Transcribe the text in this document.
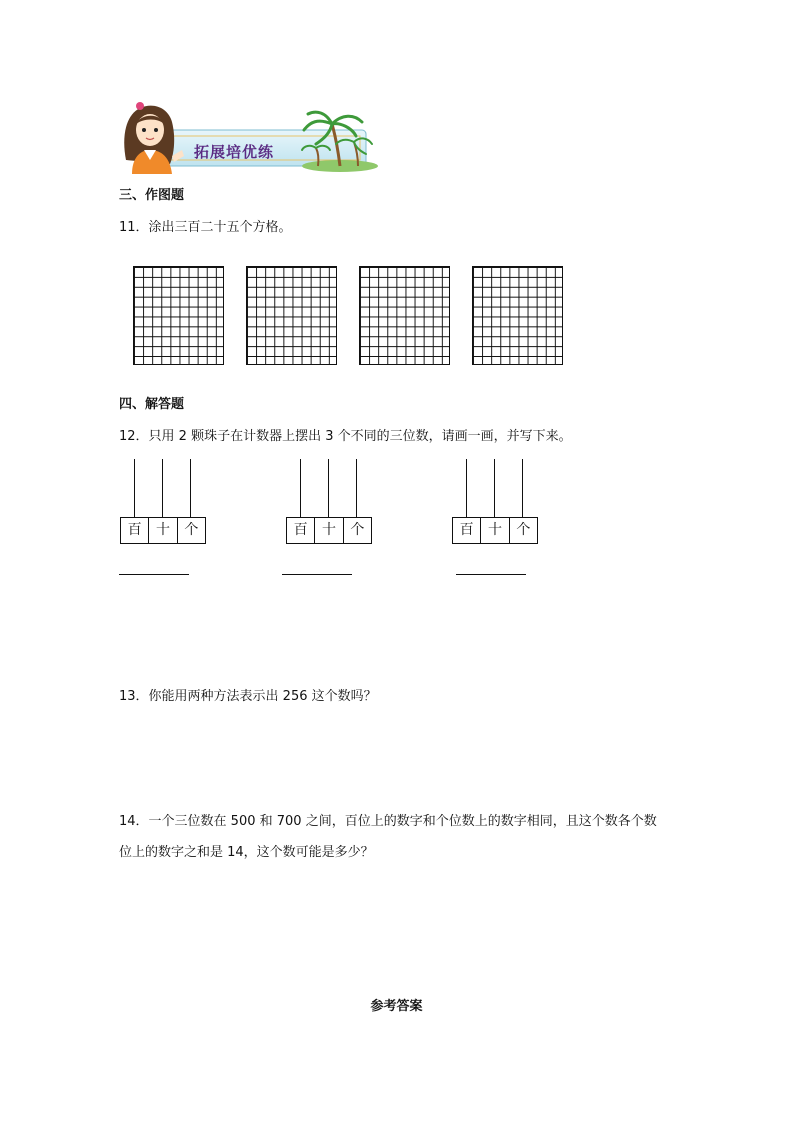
拓展培优练
三、作图题
11．涂出三百二十五个方格。
四、解答题
12．只用 2 颗珠子在计数器上摆出 3 个不同的三位数，请画一画，并写下来。
百	十	个	百	十	个	百	十	个
13．你能用两种方法表示出 256 这个数吗？
14．一个三位数在 500 和 700 之间，百位上的数字和个位数上的数字相同，且这个数各个数
位上的数字之和是 14，这个数可能是多少？
参考答案
